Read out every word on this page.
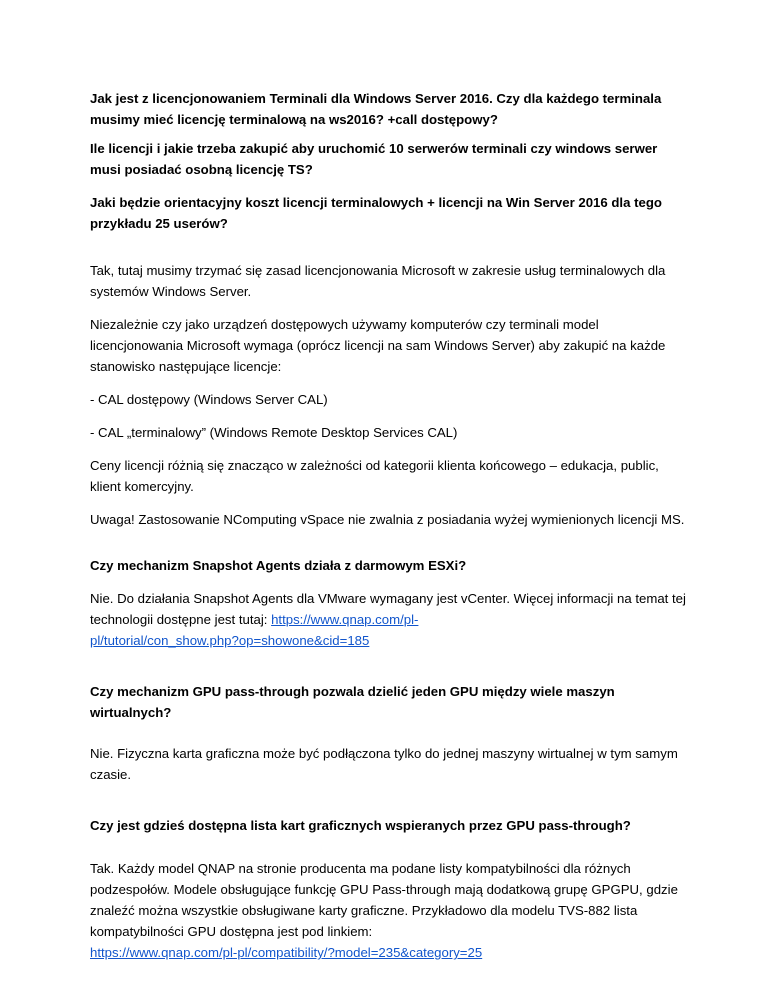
Jak jest z licencjonowaniem Terminali dla Windows Server 2016. Czy dla każdego terminala musimy mieć licencję terminalową na ws2016? +call dostępowy?

Ile licencji i jakie trzeba zakupić aby uruchomić 10 serwerów terminali czy windows serwer musi posiadać osobną licencję TS?

Jaki będzie orientacyjny koszt licencji terminalowych + licencji na Win Server 2016 dla tego przykładu 25 userów?

Tak, tutaj musimy trzymać się zasad licencjonowania Microsoft w zakresie usług terminalowych dla systemów Windows Server.

Niezależnie czy jako urządzeń dostępowych używamy komputerów czy terminali model licencjonowania Microsoft wymaga (oprócz licencji na sam Windows Server) aby zakupić na każde stanowisko następujące licencje:

- CAL dostępowy (Windows Server CAL)

- CAL „terminalowy” (Windows Remote Desktop Services CAL)

Ceny licencji różnią się znacząco w zależności od kategorii klienta końcowego – edukacja, public, klient komercyjny.

Uwaga! Zastosowanie NComputing vSpace nie zwalnia z posiadania wyżej wymienionych licencji MS.

Czy mechanizm Snapshot Agents działa z darmowym ESXi?

Nie. Do działania Snapshot Agents dla VMware wymagany jest vCenter. Więcej informacji na temat tej technologii dostępne jest tutaj: https://www.qnap.com/pl-
pl/tutorial/con_show.php?op=showone&cid=185

Czy mechanizm GPU pass-through pozwala dzielić jeden GPU między wiele maszyn wirtualnych?

Nie. Fizyczna karta graficzna może być podłączona tylko do jednej maszyny wirtualnej w tym samym czasie.

Czy jest gdzieś dostępna lista kart graficznych wspieranych przez GPU pass-through?

Tak. Każdy model QNAP na stronie producenta ma podane listy kompatybilności dla różnych podzespołów. Modele obsługujące funkcję GPU Pass-through mają dodatkową grupę GPGPU, gdzie znaleźć można wszystkie obsługiwane karty graficzne. Przykładowo dla modelu TVS-882 lista kompatybilności GPU dostępna jest pod linkiem:

https://www.qnap.com/pl-pl/compatibility/?model=235&category=25
